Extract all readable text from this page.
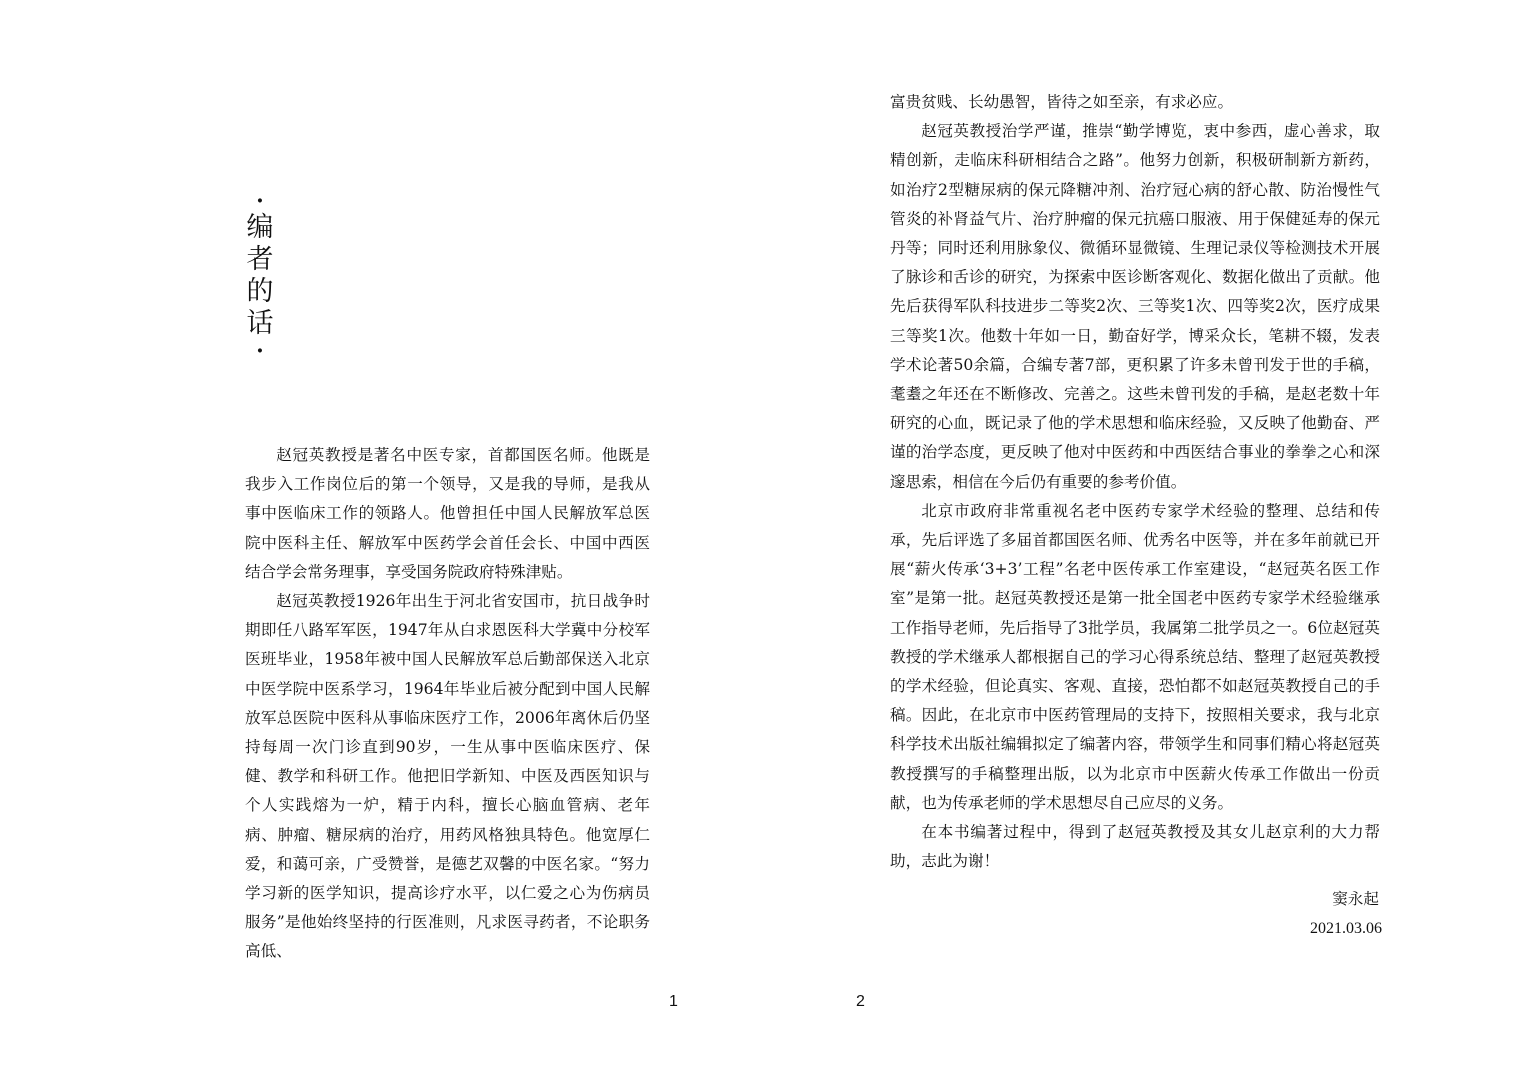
·
编
者
的
话
·

赵冠英教授是著名中医专家，首都国医名师。他既是我步入工作岗位后的第一个领导，又是我的导师，是我从事中医临床工作的领路人。他曾担任中国人民解放军总医院中医科主任、解放军中医药学会首任会长、中国中西医结合学会常务理事，享受国务院政府特殊津贴。

赵冠英教授1926年出生于河北省安国市，抗日战争时期即任八路军军医，1947年从白求恩医科大学冀中分校军医班毕业，1958年被中国人民解放军总后勤部保送入北京中医学院中医系学习，1964年毕业后被分配到中国人民解放军总医院中医科从事临床医疗工作，2006年离休后仍坚持每周一次门诊直到90岁，一生从事中医临床医疗、保健、教学和科研工作。他把旧学新知、中医及西医知识与个人实践熔为一炉，精于内科，擅长心脑血管病、老年病、肿瘤、糖尿病的治疗，用药风格独具特色。他宽厚仁爱，和蔼可亲，广受赞誉，是德艺双馨的中医名家。“努力学习新的医学知识，提高诊疗水平，以仁爱之心为伤病员服务”是他始终坚持的行医准则，凡求医寻药者，不论职务高低、

1

富贵贫贱、长幼愚智，皆待之如至亲，有求必应。

赵冠英教授治学严谨，推崇“勤学博览，衷中参西，虚心善求，取精创新，走临床科研相结合之路”。他努力创新，积极研制新方新药，如治疗2型糖尿病的保元降糖冲剂、治疗冠心病的舒心散、防治慢性气管炎的补肾益气片、治疗肿瘤的保元抗癌口服液、用于保健延寿的保元丹等；同时还利用脉象仪、微循环显微镜、生理记录仪等检测技术开展了脉诊和舌诊的研究，为探索中医诊断客观化、数据化做出了贡献。他先后获得军队科技进步二等奖2次、三等奖1次、四等奖2次，医疗成果三等奖1次。他数十年如一日，勤奋好学，博采众长，笔耕不辍，发表学术论著50余篇，合编专著7部，更积累了许多未曾刊发于世的手稿，耄耋之年还在不断修改、完善之。这些未曾刊发的手稿，是赵老数十年研究的心血，既记录了他的学术思想和临床经验，又反映了他勤奋、严谨的治学态度，更反映了他对中医药和中西医结合事业的拳拳之心和深邃思索，相信在今后仍有重要的参考价值。

北京市政府非常重视名老中医药专家学术经验的整理、总结和传承，先后评选了多届首都国医名师、优秀名中医等，并在多年前就已开展“薪火传承‘3+3’工程”名老中医传承工作室建设，“赵冠英名医工作室”是第一批。赵冠英教授还是第一批全国老中医药专家学术经验继承工作指导老师，先后指导了3批学员，我属第二批学员之一。6位赵冠英教授的学术继承人都根据自己的学习心得系统总结、整理了赵冠英教授的学术经验，但论真实、客观、直接，恐怕都不如赵冠英教授自己的手稿。因此，在北京市中医药管理局的支持下，按照相关要求，我与北京科学技术出版社编辑拟定了编著内容，带领学生和同事们精心将赵冠英教授撰写的手稿整理出版，以为北京市中医薪火传承工作做出一份贡献，也为传承老师的学术思想尽自己应尽的义务。

在本书编著过程中，得到了赵冠英教授及其女儿赵京利的大力帮助，志此为谢！

窦永起
2021.03.06
2
